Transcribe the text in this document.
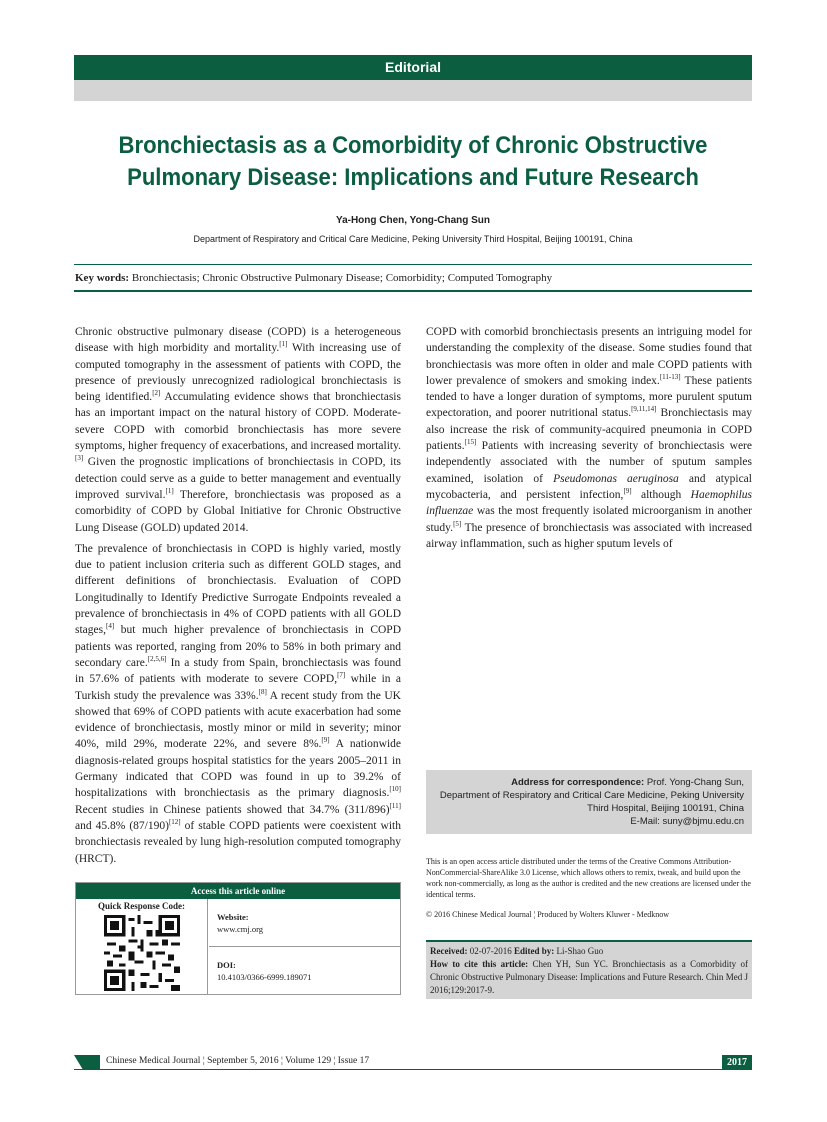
Editorial
Bronchiectasis as a Comorbidity of Chronic Obstructive
Pulmonary Disease: Implications and Future Research
Ya-Hong Chen, Yong-Chang Sun
Department of Respiratory and Critical Care Medicine, Peking University Third Hospital, Beijing 100191, China
Key words: Bronchiectasis; Chronic Obstructive Pulmonary Disease; Comorbidity; Computed Tomography

Chronic obstructive pulmonary disease (COPD) is a heterogeneous disease with high morbidity and mortality.[1] With increasing use of computed tomography in the assessment of patients with COPD, the presence of previously unrecognized radiological bronchiectasis is being identified.[2] Accumulating evidence shows that bronchiectasis has an important impact on the natural history of COPD. Moderate-severe COPD with comorbid bronchiectasis has more severe symptoms, higher frequency of exacerbations, and increased mortality.[3] Given the prognostic implications of bronchiectasis in COPD, its detection could serve as a guide to better management and eventually improved survival.[1] Therefore, bronchiectasis was proposed as a comorbidity of COPD by Global Initiative for Chronic Obstructive Lung Disease (GOLD) updated 2014.

The prevalence of bronchiectasis in COPD is highly varied, mostly due to patient inclusion criteria such as different GOLD stages, and different definitions of bronchiectasis. Evaluation of COPD Longitudinally to Identify Predictive Surrogate Endpoints revealed a prevalence of bronchiectasis in 4% of COPD patients with all GOLD stages,[4] but much higher prevalence of bronchiectasis in COPD patients was reported, ranging from 20% to 58% in both primary and secondary care.[2,5,6] In a study from Spain, bronchiectasis was found in 57.6% of patients with moderate to severe COPD,[7] while in a Turkish study the prevalence was 33%.[8] A recent study from the UK showed that 69% of COPD patients with acute exacerbation had some evidence of bronchiectasis, mostly minor or mild in severity; minor 40%, mild 29%, moderate 22%, and severe 8%.[9] A nationwide diagnosis-related groups hospital statistics for the years 2005–2011 in Germany indicated that COPD was found in up to 39.2% of hospitalizations with bronchiectasis as the primary diagnosis.[10] Recent studies in Chinese patients showed that 34.7% (311/896)[11] and 45.8% (87/190)[12] of stable COPD patients were coexistent with bronchiectasis revealed by lung high-resolution computed tomography (HRCT).

COPD with comorbid bronchiectasis presents an intriguing model for understanding the complexity of the disease. Some studies found that bronchiectasis was more often in older and male COPD patients with lower prevalence of smokers and smoking index.[11-13] These patients tended to have a longer duration of symptoms, more purulent sputum expectoration, and poorer nutritional status.[9,11,14] Bronchiectasis may also increase the risk of community-acquired pneumonia in COPD patients.[15] Patients with increasing severity of bronchiectasis were independently associated with the number of sputum samples examined, isolation of Pseudomonas aeruginosa and atypical mycobacteria, and persistent infection,[9] although Haemophilus influenzae was the most frequently isolated microorganism in another study.[5] The presence of bronchiectasis was associated with increased airway inflammation, such as higher sputum levels of

Address for correspondence: Prof. Yong-Chang Sun,
Department of Respiratory and Critical Care Medicine, Peking University
Third Hospital, Beijing 100191, China
E-Mail: suny@bjmu.edu.cn
This is an open access article distributed under the terms of the Creative Commons Attribution-NonCommercial-ShareAlike 3.0 License, which allows others to remix, tweak, and build upon the work non-commercially, as long as the author is credited and the new creations are licensed under the identical terms.
© 2016 Chinese Medical Journal ¦ Produced by Wolters Kluwer - Medknow
Received: 02-07-2016 Edited by: Li-Shao Guo
How to cite this article: Chen YH, Sun YC. Bronchiectasis as a Comorbidity of Chronic Obstructive Pulmonary Disease: Implications and Future Research. Chin Med J 2016;129:2017-9.
Access this article online
Quick Response Code:
Website:
www.cmj.org
DOI:
10.4103/0366-6999.189071
Chinese Medical Journal ¦ September 5, 2016 ¦ Volume 129 ¦ Issue 17	2017
